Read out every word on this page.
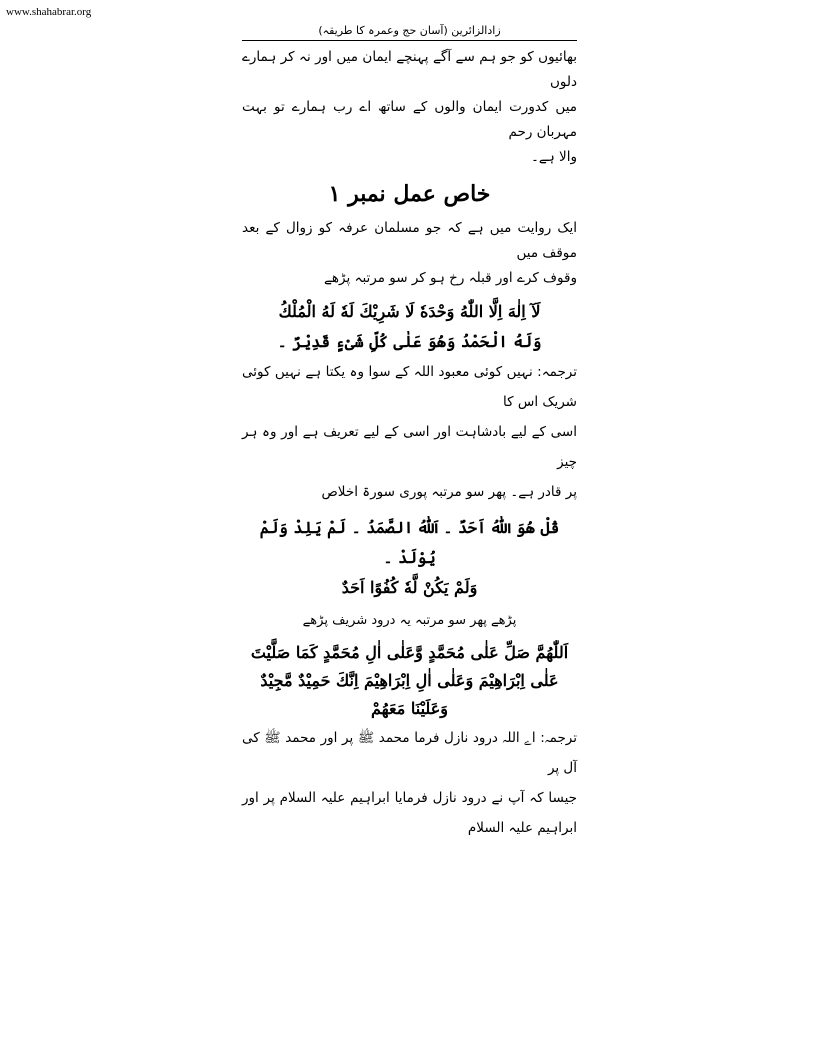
www.shahabrar.org
زادالزائرین (آسان حج وعمرہ کا طریقہ)

بھائیوں کو جو ہم سے آگے پہنچے ایمان میں اور نہ کر ہمارے دلوں

میں کدورت ایمان والوں کے ساتھ اے رب ہمارے تو بہت مہربان رحم

والا ہے۔

خاص عمل نمبر ۱

ایک روایت میں ہے کہ جو مسلمان عرفہ کو زوال کے بعد موقف میں

وقوف کرے اور قبلہ رخ ہو کر سو مرتبہ پڑھے

لَآ اِلٰهَ اِلَّا اللّٰهُ وَحْدَهٗ لَا شَرِیْكَ لَهٗ لَهُ الْمُلْكُ

وَلَهُ الْحَمْدُ وَهُوَ عَلٰى كُلِّ شَیْءٍ قَدِیْرٌ ۔

ترجمہ: نہیں کوئی معبود اللہ کے سوا وہ یکتا ہے نہیں کوئی شریک اس کا

اسی کے لیے بادشاہت اور اسی کے لیے تعریف ہے اور وہ ہر چیز

پر قادر ہے۔ پھر سو مرتبہ پوری سورۃ اخلاص

قُلْ هُوَ اللّٰهُ اَحَدٌ ۔ اَللّٰهُ الصَّمَدُ ۔ لَمْ یَلِدْ وَلَمْ یُوْلَدْ ۔

وَلَمْ یَكُنْ لَّهٗ كُفُوًا اَحَدٌ

پڑھے پھر سو مرتبہ یہ درود شریف پڑھے

اَللّٰهُمَّ صَلِّ عَلٰى مُحَمَّدٍ وَّعَلٰى اٰلِ مُحَمَّدٍ كَمَا صَلَّیْتَ

عَلٰى اِبْرَاهِیْمَ وَعَلٰى اٰلِ اِبْرَاهِیْمَ اِنَّكَ حَمِیْدٌ مَّجِیْدٌ

وَعَلَیْنَا مَعَهُمْ

ترجمہ: اے اللہ درود نازل فرما محمد ﷺ پر اور محمد ﷺ کی آل پر

جیسا کہ آپ نے درود نازل فرمایا ابراہیم علیہ السلام پر اور ابراہیم علیہ السلام
